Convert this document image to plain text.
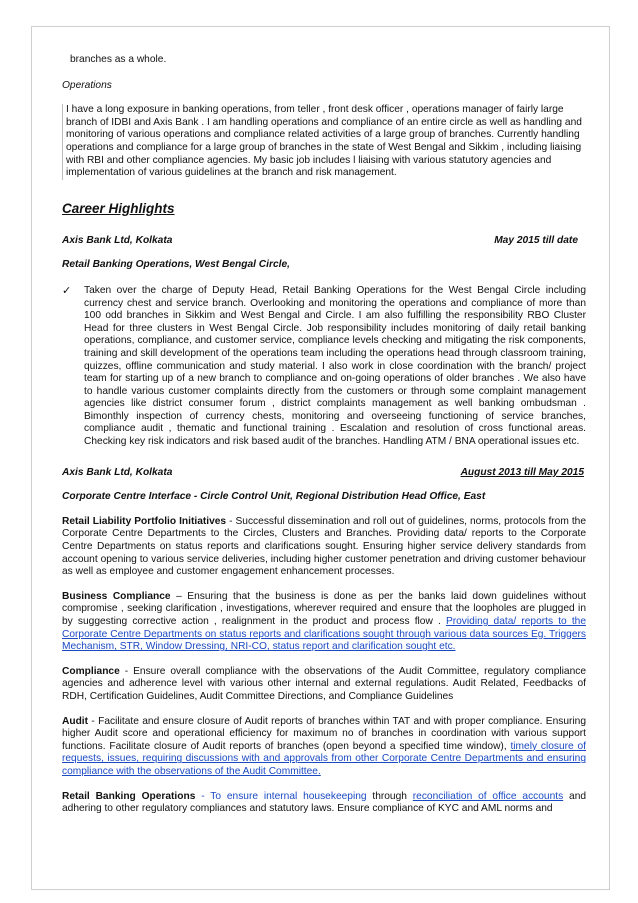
branches as a whole.

Operations

I have a long exposure in banking operations, from teller , front desk officer , operations manager of fairly large branch of IDBI and Axis Bank . I am handling operations and compliance of an entire circle as well as handling and monitoring of various operations and compliance related activities of a large group of branches. Currently handling operations and compliance for a large group of branches in the state of West Bengal and Sikkim , including liaising with RBI and other compliance agencies. My basic job includes l liaising with various statutory agencies and implementation of various guidelines at the branch and risk management.

Career Highlights

Axis Bank Ltd, Kolkata	May 2015 till date

Retail Banking Operations, West Bengal Circle,

✓	Taken over the charge of Deputy Head, Retail Banking Operations for the West Bengal Circle including currency chest and service branch. Overlooking and monitoring the operations and compliance of more than 100 odd branches in Sikkim and West Bengal and Circle. I am also fulfilling the responsibility RBO Cluster Head for three clusters in West Bengal Circle. Job responsibility includes monitoring of daily retail banking operations, compliance, and customer service, compliance levels checking and mitigating the risk components, training and skill development of the operations team including the operations head through classroom training, quizzes, offline communication and study material. I also work in close coordination with the branch/ project team for starting up of a new branch to compliance and on-going operations of older branches . We also have to handle various customer complaints directly from the customers or through some complaint management agencies like district consumer forum , district complaints management as well banking ombudsman . Bimonthly inspection of currency chests, monitoring and overseeing functioning of service branches, compliance audit , thematic and functional training . Escalation and resolution of cross functional areas. Checking key risk indicators and risk based audit of the branches. Handling ATM / BNA operational issues etc.
Axis Bank Ltd, Kolkata	August 2013 till May 2015

Corporate Centre Interface - Circle Control Unit, Regional Distribution Head Office, East

Retail Liability Portfolio Initiatives - Successful dissemination and roll out of guidelines, norms, protocols from the Corporate Centre Departments to the Circles, Clusters and Branches. Providing data/ reports to the Corporate Centre Departments on status reports and clarifications sought. Ensuring higher service delivery standards from account opening to various service deliveries, including higher customer penetration and driving customer behaviour as well as employee and customer engagement enhancement processes.

Business Compliance – Ensuring that the business is done as per the banks laid down guidelines without compromise , seeking clarification , investigations, wherever required and ensure that the loopholes are plugged in by suggesting corrective action , realignment in the product and process flow . Providing data/ reports to the Corporate Centre Departments on status reports and clarifications sought through various data sources Eg. Triggers Mechanism, STR, Window Dressing, NRI-CO, status report and clarification sought etc.

Compliance - Ensure overall compliance with the observations of the Audit Committee, regulatory compliance agencies and adherence level with various other internal and external regulations. Audit Related, Feedbacks of RDH, Certification Guidelines, Audit Committee Directions, and Compliance Guidelines

Audit - Facilitate and ensure closure of Audit reports of branches within TAT and with proper compliance. Ensuring higher Audit score and operational efficiency for maximum no of branches in coordination with various support functions. Facilitate closure of Audit reports of branches (open beyond a specified time window), timely closure of requests, issues, requiring discussions with and approvals from other Corporate Centre Departments and ensuring compliance with the observations of the Audit Committee.

Retail Banking Operations - To ensure internal housekeeping through reconciliation of office accounts and adhering to other regulatory compliances and statutory laws. Ensure compliance of KYC and AML norms and
